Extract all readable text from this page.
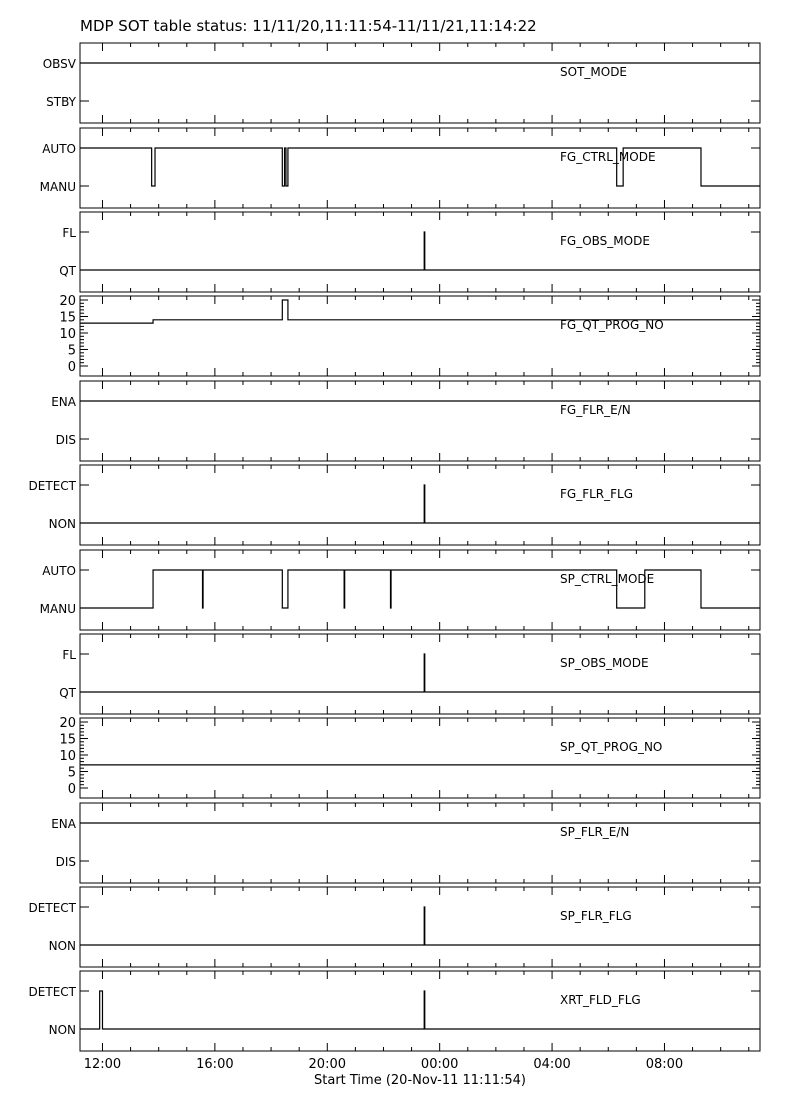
MDP SOT table status: 11/11/20,11:11:54-11/11/21,11:14:22
STBY
OBSV
SOT_MODE
MANU
AUTO
FG_CTRL_MODE
QT
FL
FG_OBS_MODE
0
5
10
15
20
FG_QT_PROG_NO
DIS
ENA
FG_FLR_E/N
NON
DETECT
FG_FLR_FLG
MANU
AUTO
SP_CTRL_MODE
QT
FL
SP_OBS_MODE
0
5
10
15
20
SP_QT_PROG_NO
DIS
ENA
SP_FLR_E/N
NON
DETECT
SP_FLR_FLG
NON
DETECT
XRT_FLD_FLG
12:00	16:00	20:00	00:00	04:00	08:00
Start Time (20-Nov-11 11:11:54)
